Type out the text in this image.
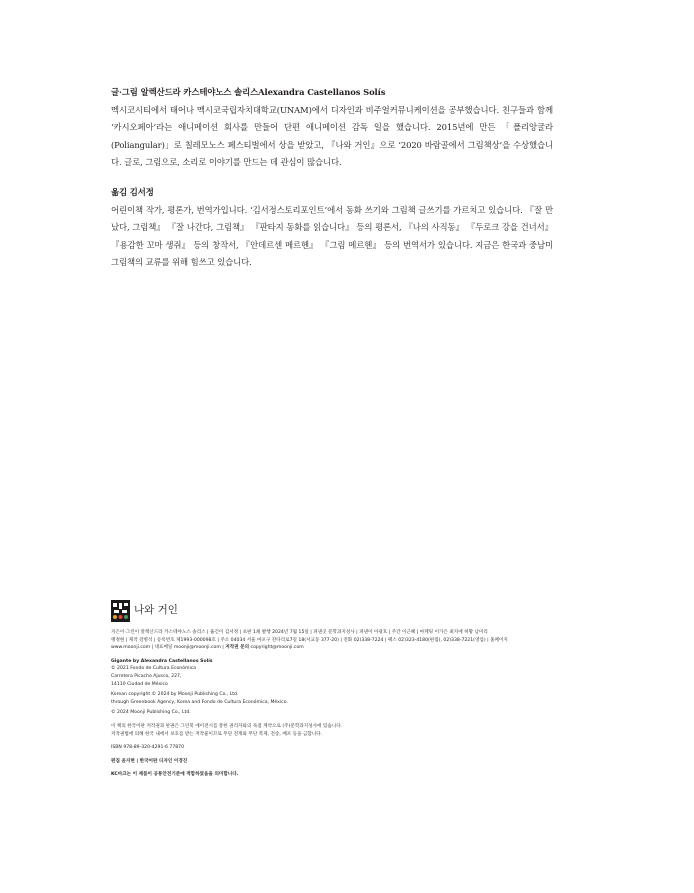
글·그림 알렉산드라 카스테야노스 솔리스Alexandra Castellanos Solís

멕시코시티에서 태어나 멕시코국립자치대학교(UNAM)에서 디자인과 비주얼커뮤니케이션을 공부했습니다. 친구들과 함께 ‘카시오페아’라는 애니메이션 회사를 만들어 단편 애니메이션 감독 일을 했습니다. 2015년에 만든 「폴리앙굴라(Poliangular)」로 칠레모노스 페스티벌에서 상을 받았고, 『나와 거인』으로 ‘2020 바람골에서 그림책상’을 수상했습니다. 글로, 그림으로, 소리로 이야기를 만드는 데 관심이 많습니다.

옮김 김서정

어린이책 작가, 평론가, 번역가입니다. ‘김서정스토리포인트’에서 동화 쓰기와 그림책 글쓰기를 가르치고 있습니다. 『잘 만났다, 그림책』 『잘 나간다, 그림책』 『판타지 동화를 읽습니다』 등의 평론서, 『나의 사직동』 『두로크 강을 건너서』 『용감한 꼬마 생쥐』 등의 창작서, 『안데르센 메르헨』 『그림 메르헨』 등의 번역서가 있습니다. 지금은 한국과 중남미 그림책의 교류를 위해 힘쓰고 있습니다.

나와 거인

지은이·그린이 알렉산드라 카스테야노스 솔리스 | 옮긴이 김서정 | 초판 1쇄 발행 2024년 7월 15일 | 펴낸곳 문학과지성사 | 펴낸이 이광호 | 주간 이근혜 | 마케팅 이가은 최지애 허황 남미리

맹정현 | 제작 강병석 | 등록번호 제1993-000098호 | 주소 04034 서울 마포구 잔다리로7길 18(서교동 377-20) | 전화 02)338-7224 | 팩스 02)323-4180(편집), 02)338-7221(영업) | 홈페이지

www.moonji.com | 대표메일 moonji@moonji.com | 저작권 문의 copyright@moonji.com

Gigante by Alexandra Castellanos Solís

© 2021 Fondo de Cultura Económica

Carretera Picacho Ajusco, 227,

14110 Ciudad de México

Korean copyright © 2024 by Moonji Publishing Co., Ltd.

through Greenbook Agency, Korea and Fondo de Cultura Económica, México.

© 2024 Moonji Publishing Co., Ltd.

이 책의 한국어판 저작권과 판권은 그린북 에이전시를 통한 권리자와의 독점 계약으로 (주)문학과지성사에 있습니다.

저작권법에 의해 한국 내에서 보호를 받는 저작물이므로 무단 전재와 무단 복제, 전송, 배포 등을 금합니다.

ISBN 978-89-320-4291-6 77870

편집 윤지현 | 한국어판 디자인 이경진

KC마크는 이 제품이 공통안전기준에 적합하였음을 의미합니다.
